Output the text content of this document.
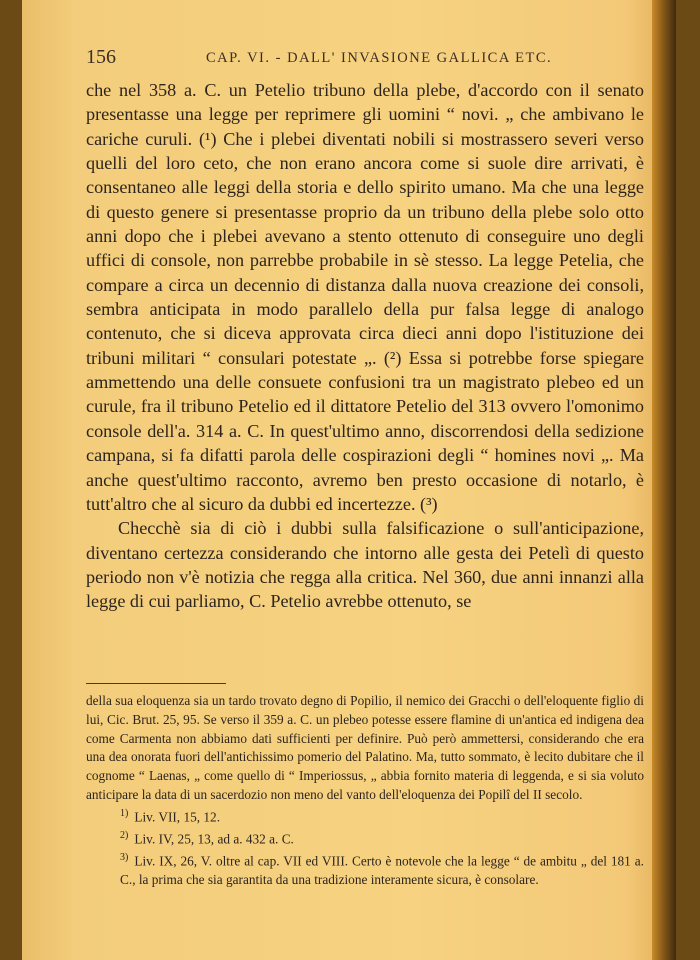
156	CAP. VI. - DALL' INVASIONE GALLICA ETC.

che nel 358 a. C. un Petelio tribuno della plebe, d'accordo con il senato presentasse una legge per reprimere gli uomini “ novi. „ che ambivano le cariche curuli. (¹) Che i plebei diventati nobili si mostrassero severi verso quelli del loro ceto, che non erano ancora come si suole dire arrivati, è consentaneo alle leggi della storia e dello spirito umano. Ma che una legge di questo genere si presentasse proprio da un tribuno della plebe solo otto anni dopo che i plebei avevano a stento ottenuto di conseguire uno degli uffici di console, non parrebbe probabile in sè stesso. La legge Petelia, che compare a circa un decennio di distanza dalla nuova creazione dei consoli, sembra anticipata in modo parallelo della pur falsa legge di analogo contenuto, che si diceva approvata circa dieci anni dopo l'istituzione dei tribuni militari “ consulari potestate „. (²) Essa si potrebbe forse spiegare ammettendo una delle consuete confusioni tra un magistrato plebeo ed un curule, fra il tribuno Petelio ed il dittatore Petelio del 313 ovvero l'omonimo console dell'a. 314 a. C. In quest'ultimo anno, discorrendosi della sedizione campana, si fa difatti parola delle cospirazioni degli “ homines novi „. Ma anche quest'ultimo racconto, avremo ben presto occasione di notarlo, è tutt'altro che al sicuro da dubbi ed incertezze. (³)

Checchè sia di ciò i dubbi sulla falsificazione o sull'anticipazione, diventano certezza considerando che intorno alle gesta dei Petelì di questo periodo non v'è notizia che regga alla critica. Nel 360, due anni innanzi alla legge di cui parliamo, C. Petelio avrebbe ottenuto, se

della sua eloquenza sia un tardo trovato degno di Popilio, il nemico dei Gracchi o dell'eloquente figlio di lui, Cic. Brut. 25, 95. Se verso il 359 a. C. un plebeo potesse essere flamine di un'antica ed indigena dea come Carmenta non abbiamo dati sufficienti per definire. Può però ammettersi, considerando che era una dea onorata fuori dell'antichissimo pomerio del Palatino. Ma, tutto sommato, è lecito dubitare che il cognome “ Laenas, „ come quello di “ Imperiossus, „ abbia fornito materia di leggenda, e si sia voluto anticipare la data di un sacerdozio non meno del vanto dell'eloquenza dei Popilî del II secolo.

$^{1)}$ Liv. VII, 15, 12.

$^{2)}$ Liv. IV, 25, 13, ad a. 432 a. C.

$^{3)}$ Liv. IX, 26, V. oltre al cap. VII ed VIII. Certo è notevole che la legge “ de ambitu „ del 181 a. C., la prima che sia garantita da una tradizione interamente sicura, è consolare.
